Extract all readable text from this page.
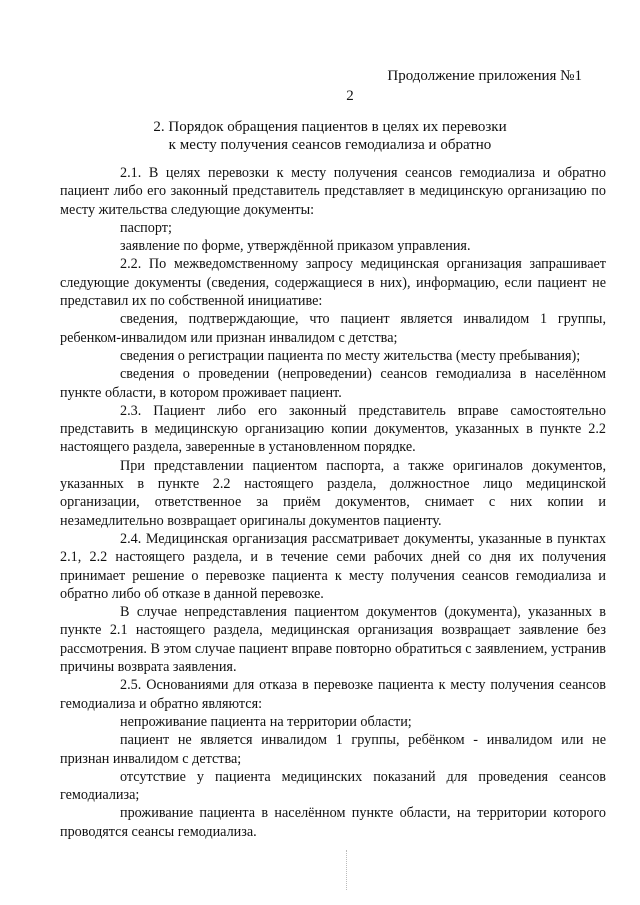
Продолжение приложения №1
2
2. Порядок обращения пациентов в целях их перевозки
к месту получения сеансов гемодиализа и обратно

2.1. В целях перевозки к месту получения сеансов гемодиализа и обратно пациент либо его законный представитель представляет в медицинскую организацию по месту жительства следующие документы:

паспорт;

заявление по форме, утверждённой приказом управления.

2.2. По межведомственному запросу медицинская организация запрашивает следующие документы (сведения, содержащиеся в них), информацию, если пациент не представил их по собственной инициативе:

сведения, подтверждающие, что пациент является инвалидом 1 группы, ребенком-инвалидом или признан инвалидом с детства;

сведения о регистрации пациента по месту жительства (месту пребывания);

сведения о проведении (непроведении) сеансов гемодиализа в населённом пункте области, в котором проживает пациент.

2.3. Пациент либо его законный представитель вправе самостоятельно представить в медицинскую организацию копии документов, указанных в пункте 2.2 настоящего раздела, заверенные в установленном порядке.

При представлении пациентом паспорта, а также оригиналов документов, указанных в пункте 2.2 настоящего раздела, должностное лицо медицинской организации, ответственное за приём документов, снимает с них копии и незамедлительно возвращает оригиналы документов пациенту.

2.4. Медицинская организация рассматривает документы, указанные в пунктах 2.1, 2.2 настоящего раздела, и в течение семи рабочих дней со дня их получения принимает решение о перевозке пациента к месту получения сеансов гемодиализа и обратно либо об отказе в данной перевозке.

В случае непредставления пациентом документов (документа), указанных в пункте 2.1 настоящего раздела, медицинская организация возвращает заявление без рассмотрения. В этом случае пациент вправе повторно обратиться с заявлением, устранив причины возврата заявления.

2.5. Основаниями для отказа в перевозке пациента к месту получения сеансов гемодиализа и обратно являются:

непроживание пациента на территории области;

пациент не является инвалидом 1 группы, ребёнком - инвалидом или не признан инвалидом с детства;

отсутствие у пациента медицинских показаний для проведения сеансов гемодиализа;

проживание пациента в населённом пункте области, на территории которого проводятся сеансы гемодиализа.
